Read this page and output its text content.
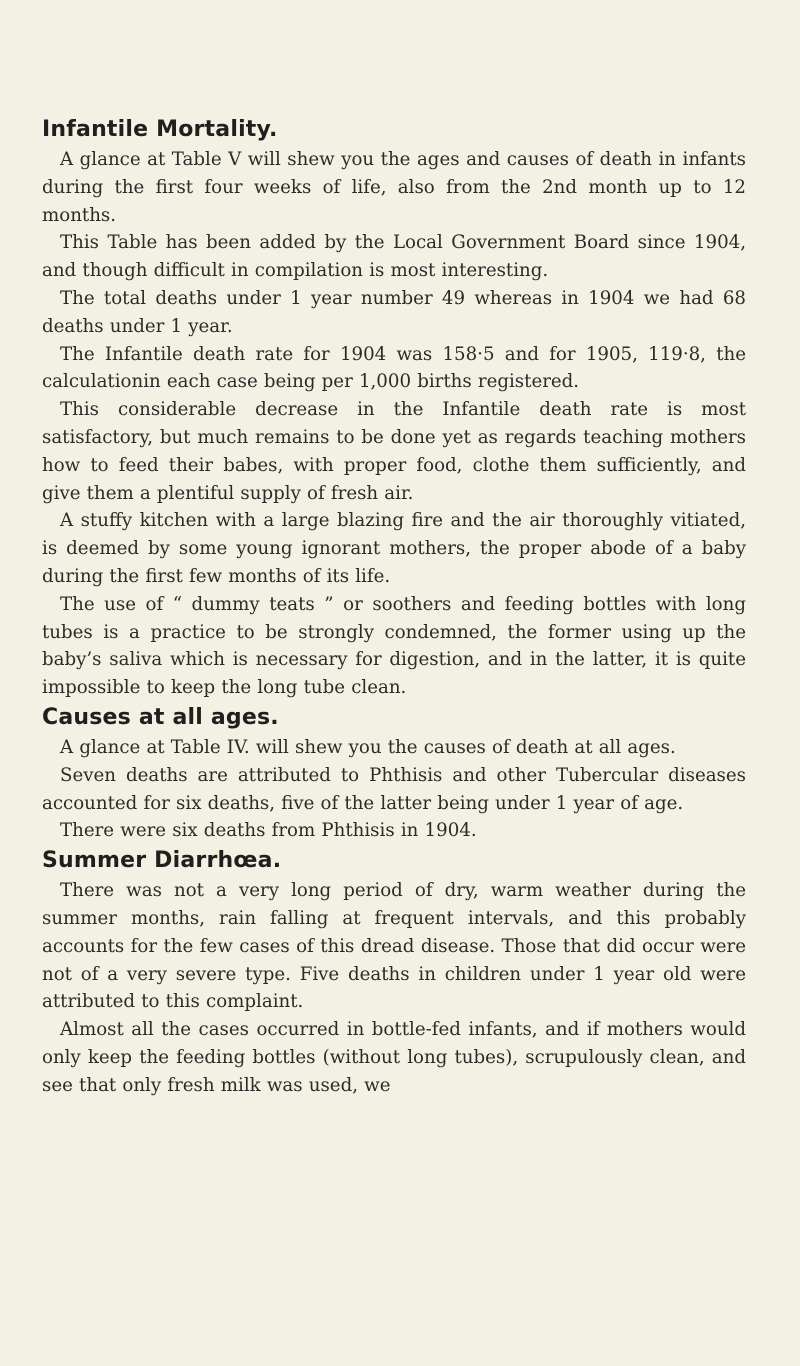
Infantile Mortality.

A glance at Table V will shew you the ages and causes of death in infants during the first four weeks of life, also from the 2nd month up to 12 months.

This Table has been added by the Local Government Board since 1904, and though difficult in compilation is most interesting.

The total deaths under 1 year number 49 whereas in 1904 we had 68 deaths under 1 year.

The Infantile death rate for 1904 was 158·5 and for 1905, 119·8, the calculationin each case being per 1,000 births registered.

This considerable decrease in the Infantile death rate is most satisfactory, but much remains to be done yet as regards teaching mothers how to feed their babes, with proper food, clothe them sufficiently, and give them a plentiful supply of fresh air.

A stuffy kitchen with a large blazing fire and the air thoroughly vitiated, is deemed by some young ignorant mothers, the proper abode of a baby during the first few months of its life.

The use of “ dummy teats ” or soothers and feeding bottles with long tubes is a practice to be strongly condemned, the former using up the baby’s saliva which is necessary for digestion, and in the latter, it is quite impossible to keep the long tube clean.

Causes at all ages.

A glance at Table IV. will shew you the causes of death at all ages.

Seven deaths are attributed to Phthisis and other Tubercular diseases accounted for six deaths, five of the latter being under 1 year of age.

There were six deaths from Phthisis in 1904.

Summer Diarrhœa.

There was not a very long period of dry, warm weather during the summer months, rain falling at frequent intervals, and this probably accounts for the few cases of this dread disease. Those that did occur were not of a very severe type. Five deaths in children under 1 year old were attributed to this complaint.

Almost all the cases occurred in bottle-fed infants, and if mothers would only keep the feeding bottles (without long tubes), scrupulously clean, and see that only fresh milk was used, we
